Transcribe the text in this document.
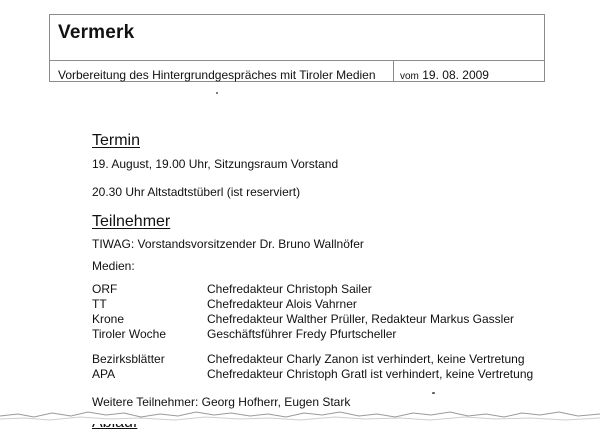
Vermerk
Vorbereitung des Hintergrundgespräches mit Tiroler Medien vom 19. 08. 2009
Termin
19. August, 19.00 Uhr, Sitzungsraum Vorstand
20.30 Uhr Altstadtstüberl (ist reserviert)
Teilnehmer
TIWAG: Vorstandsvorsitzender Dr. Bruno Wallnöfer
Medien:
ORF	Chefredakteur Christoph Sailer
TT	Chefredakteur Alois Vahrner
Krone	Chefredakteur Walther Prüller, Redakteur Markus Gassler
Tiroler Woche	Geschäftsführer Fredy Pfurtscheller
Bezirksblätter	Chefredakteur Charly Zanon ist verhindert, keine Vertretung
APA	Chefredakteur Christoph Gratl ist verhindert, keine Vertretung
Weitere Teilnehmer: Georg Hofherr, Eugen Stark
